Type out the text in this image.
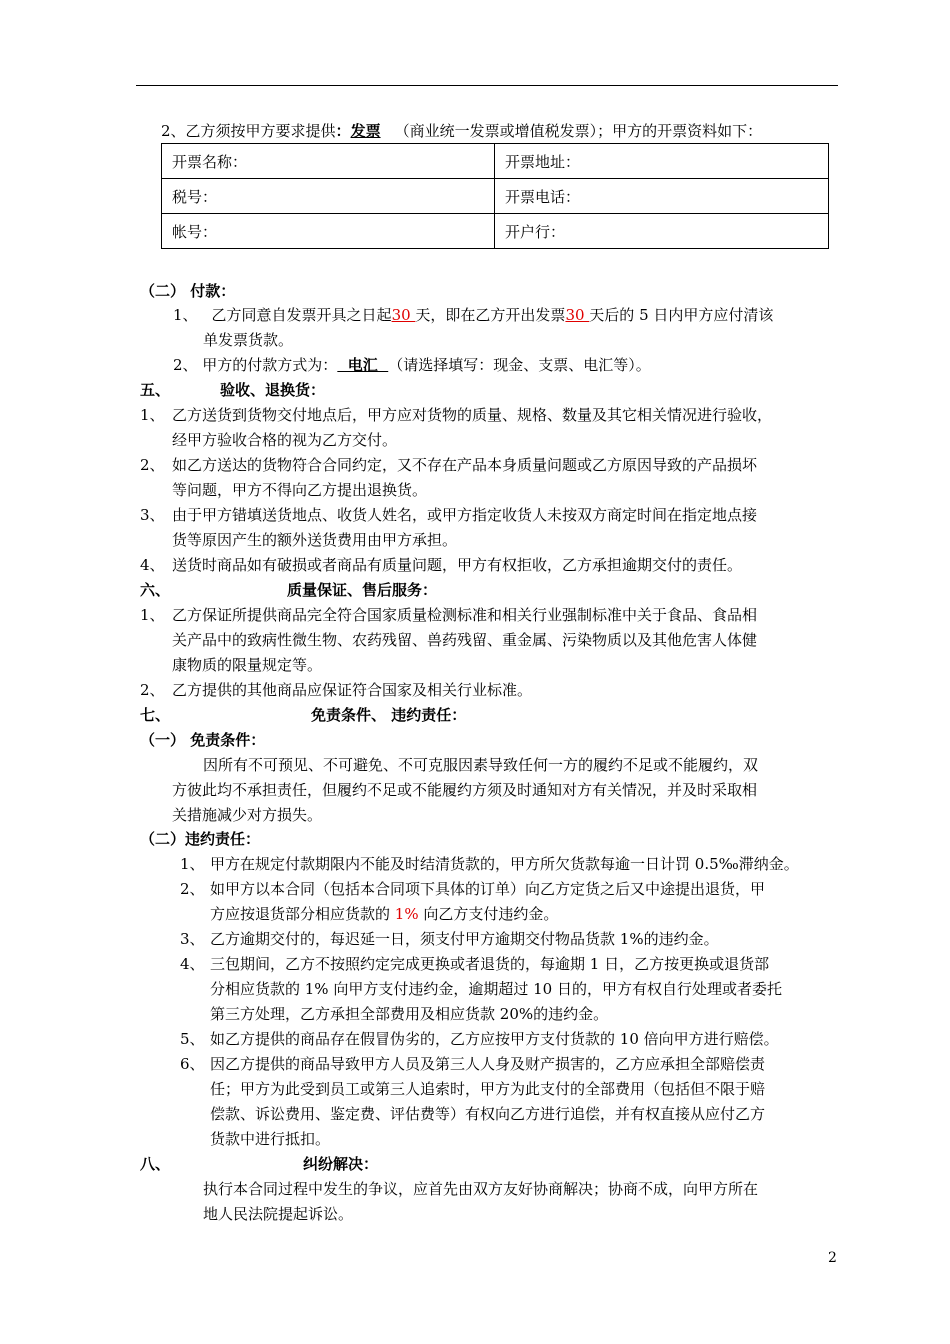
2、乙方须按甲方要求提供：发票 （商业统一发票或增值税发票）；甲方的开票资料如下：
开票名称：	开票地址：
税号：	开票电话：
帐号：	开户行：
（二） 付款：
1、 乙方同意自发票开具之日起30 天，即在乙方开出发票30 天后的 5 日内甲方应付清该
单发票货款。
2、 甲方的付款方式为：  电汇  （请选择填写：现金、支票、电汇等）。
五、	验收、退换货：
1、 乙方送货到货物交付地点后，甲方应对货物的质量、规格、数量及其它相关情况进行验收，
经甲方验收合格的视为乙方交付。
2、 如乙方送达的货物符合合同约定，又不存在产品本身质量问题或乙方原因导致的产品损坏
等问题，甲方不得向乙方提出退换货。
3、 由于甲方错填送货地点、收货人姓名，或甲方指定收货人未按双方商定时间在指定地点接
货等原因产生的额外送货费用由甲方承担。
4、 送货时商品如有破损或者商品有质量问题，甲方有权拒收，乙方承担逾期交付的责任。
六、	质量保证、售后服务：
1、 乙方保证所提供商品完全符合国家质量检测标准和相关行业强制标准中关于食品、食品相
关产品中的致病性微生物、农药残留、兽药残留、重金属、污染物质以及其他危害人体健
康物质的限量规定等。
2、 乙方提供的其他商品应保证符合国家及相关行业标准。
七、	免责条件、 违约责任：
（一） 免责条件：
因所有不可预见、不可避免、不可克服因素导致任何一方的履约不足或不能履约，双
方彼此均不承担责任，但履约不足或不能履约方须及时通知对方有关情况，并及时采取相
关措施减少对方损失。
（二）违约责任：
1、 甲方在规定付款期限内不能及时结清货款的，甲方所欠货款每逾一日计罚 0.5‰滞纳金。
2、 如甲方以本合同（包括本合同项下具体的订单）向乙方定货之后又中途提出退货，甲
方应按退货部分相应货款的 1% 向乙方支付违约金。
3、 乙方逾期交付的，每迟延一日，须支付甲方逾期交付物品货款 1%的违约金。
4、 三包期间，乙方不按照约定完成更换或者退货的，每逾期 1 日，乙方按更换或退货部
分相应货款的 1% 向甲方支付违约金，逾期超过 10 日的，甲方有权自行处理或者委托
第三方处理，乙方承担全部费用及相应货款 20%的违约金。
5、 如乙方提供的商品存在假冒伪劣的，乙方应按甲方支付货款的 10 倍向甲方进行赔偿。
6、 因乙方提供的商品导致甲方人员及第三人人身及财产损害的，乙方应承担全部赔偿责
任；甲方为此受到员工或第三人追索时，甲方为此支付的全部费用（包括但不限于赔
偿款、诉讼费用、鉴定费、评估费等）有权向乙方进行追偿，并有权直接从应付乙方
货款中进行抵扣。
八、	纠纷解决：
执行本合同过程中发生的争议，应首先由双方友好协商解决；协商不成，向甲方所在
地人民法院提起诉讼。
2
